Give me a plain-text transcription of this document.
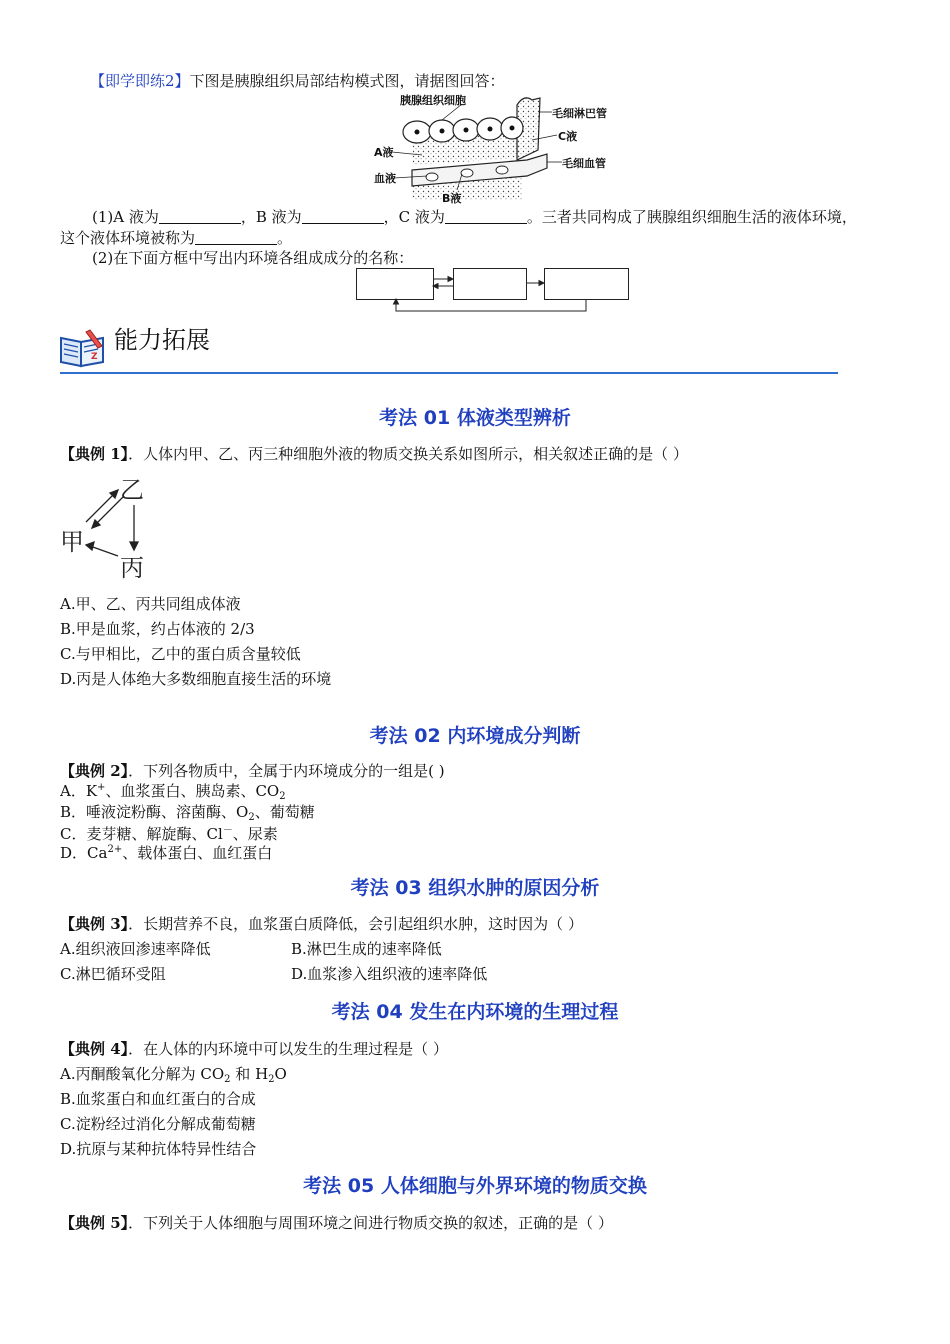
【即学即练2】下图是胰腺组织局部结构模式图，请据图回答：
胰腺组织细胞
毛细淋巴管
C液
A液
毛细血管
血液
B液
(1)A 液为	，B 液为	，C 液为	。三者共同构成了胰腺组织细胞生活的液体环境，
这个液体环境被称为	。
(2)在下面方框中写出内环境各组成成分的名称：
Z
能力拓展
考法 01 体液类型辨析
【典例 1】．人体内甲、乙、丙三种细胞外液的物质交换关系如图所示，相关叙述正确的是（ ）
乙
甲
丙
A.甲、乙、丙共同组成体液
B.甲是血浆，约占体液的 2/3
C.与甲相比，乙中的蛋白质含量较低
D.丙是人体绝大多数细胞直接生活的环境
考法 02 内环境成分判断
【典例 2】．下列各物质中，全属于内环境成分的一组是( )
A．K+、血浆蛋白、胰岛素、$CO_2$
B．唾液淀粉酶、溶菌酶、$O_2$、葡萄糖
C．麦芽糖、解旋酶、Cl－、尿素
D．$Ca^{2+}$、载体蛋白、血红蛋白
考法 03 组织水肿的原因分析
【典例 3】．长期营养不良，血浆蛋白质降低，会引起组织水肿，这时因为（ ）
A.组织液回渗速率降低	B.淋巴生成的速率降低
C.淋巴循环受阻	D.血浆渗入组织液的速率降低
考法 04 发生在内环境的生理过程
【典例 4】．在人体的内环境中可以发生的生理过程是（ ）
A.丙酮酸氧化分解为 $CO_2$ 和 $H_2O$
B.血浆蛋白和血红蛋白的合成
C.淀粉经过消化分解成葡萄糖
D.抗原与某种抗体特异性结合
考法 05 人体细胞与外界环境的物质交换
【典例 5】．下列关于人体细胞与周围环境之间进行物质交换的叙述，正确的是（ ）
